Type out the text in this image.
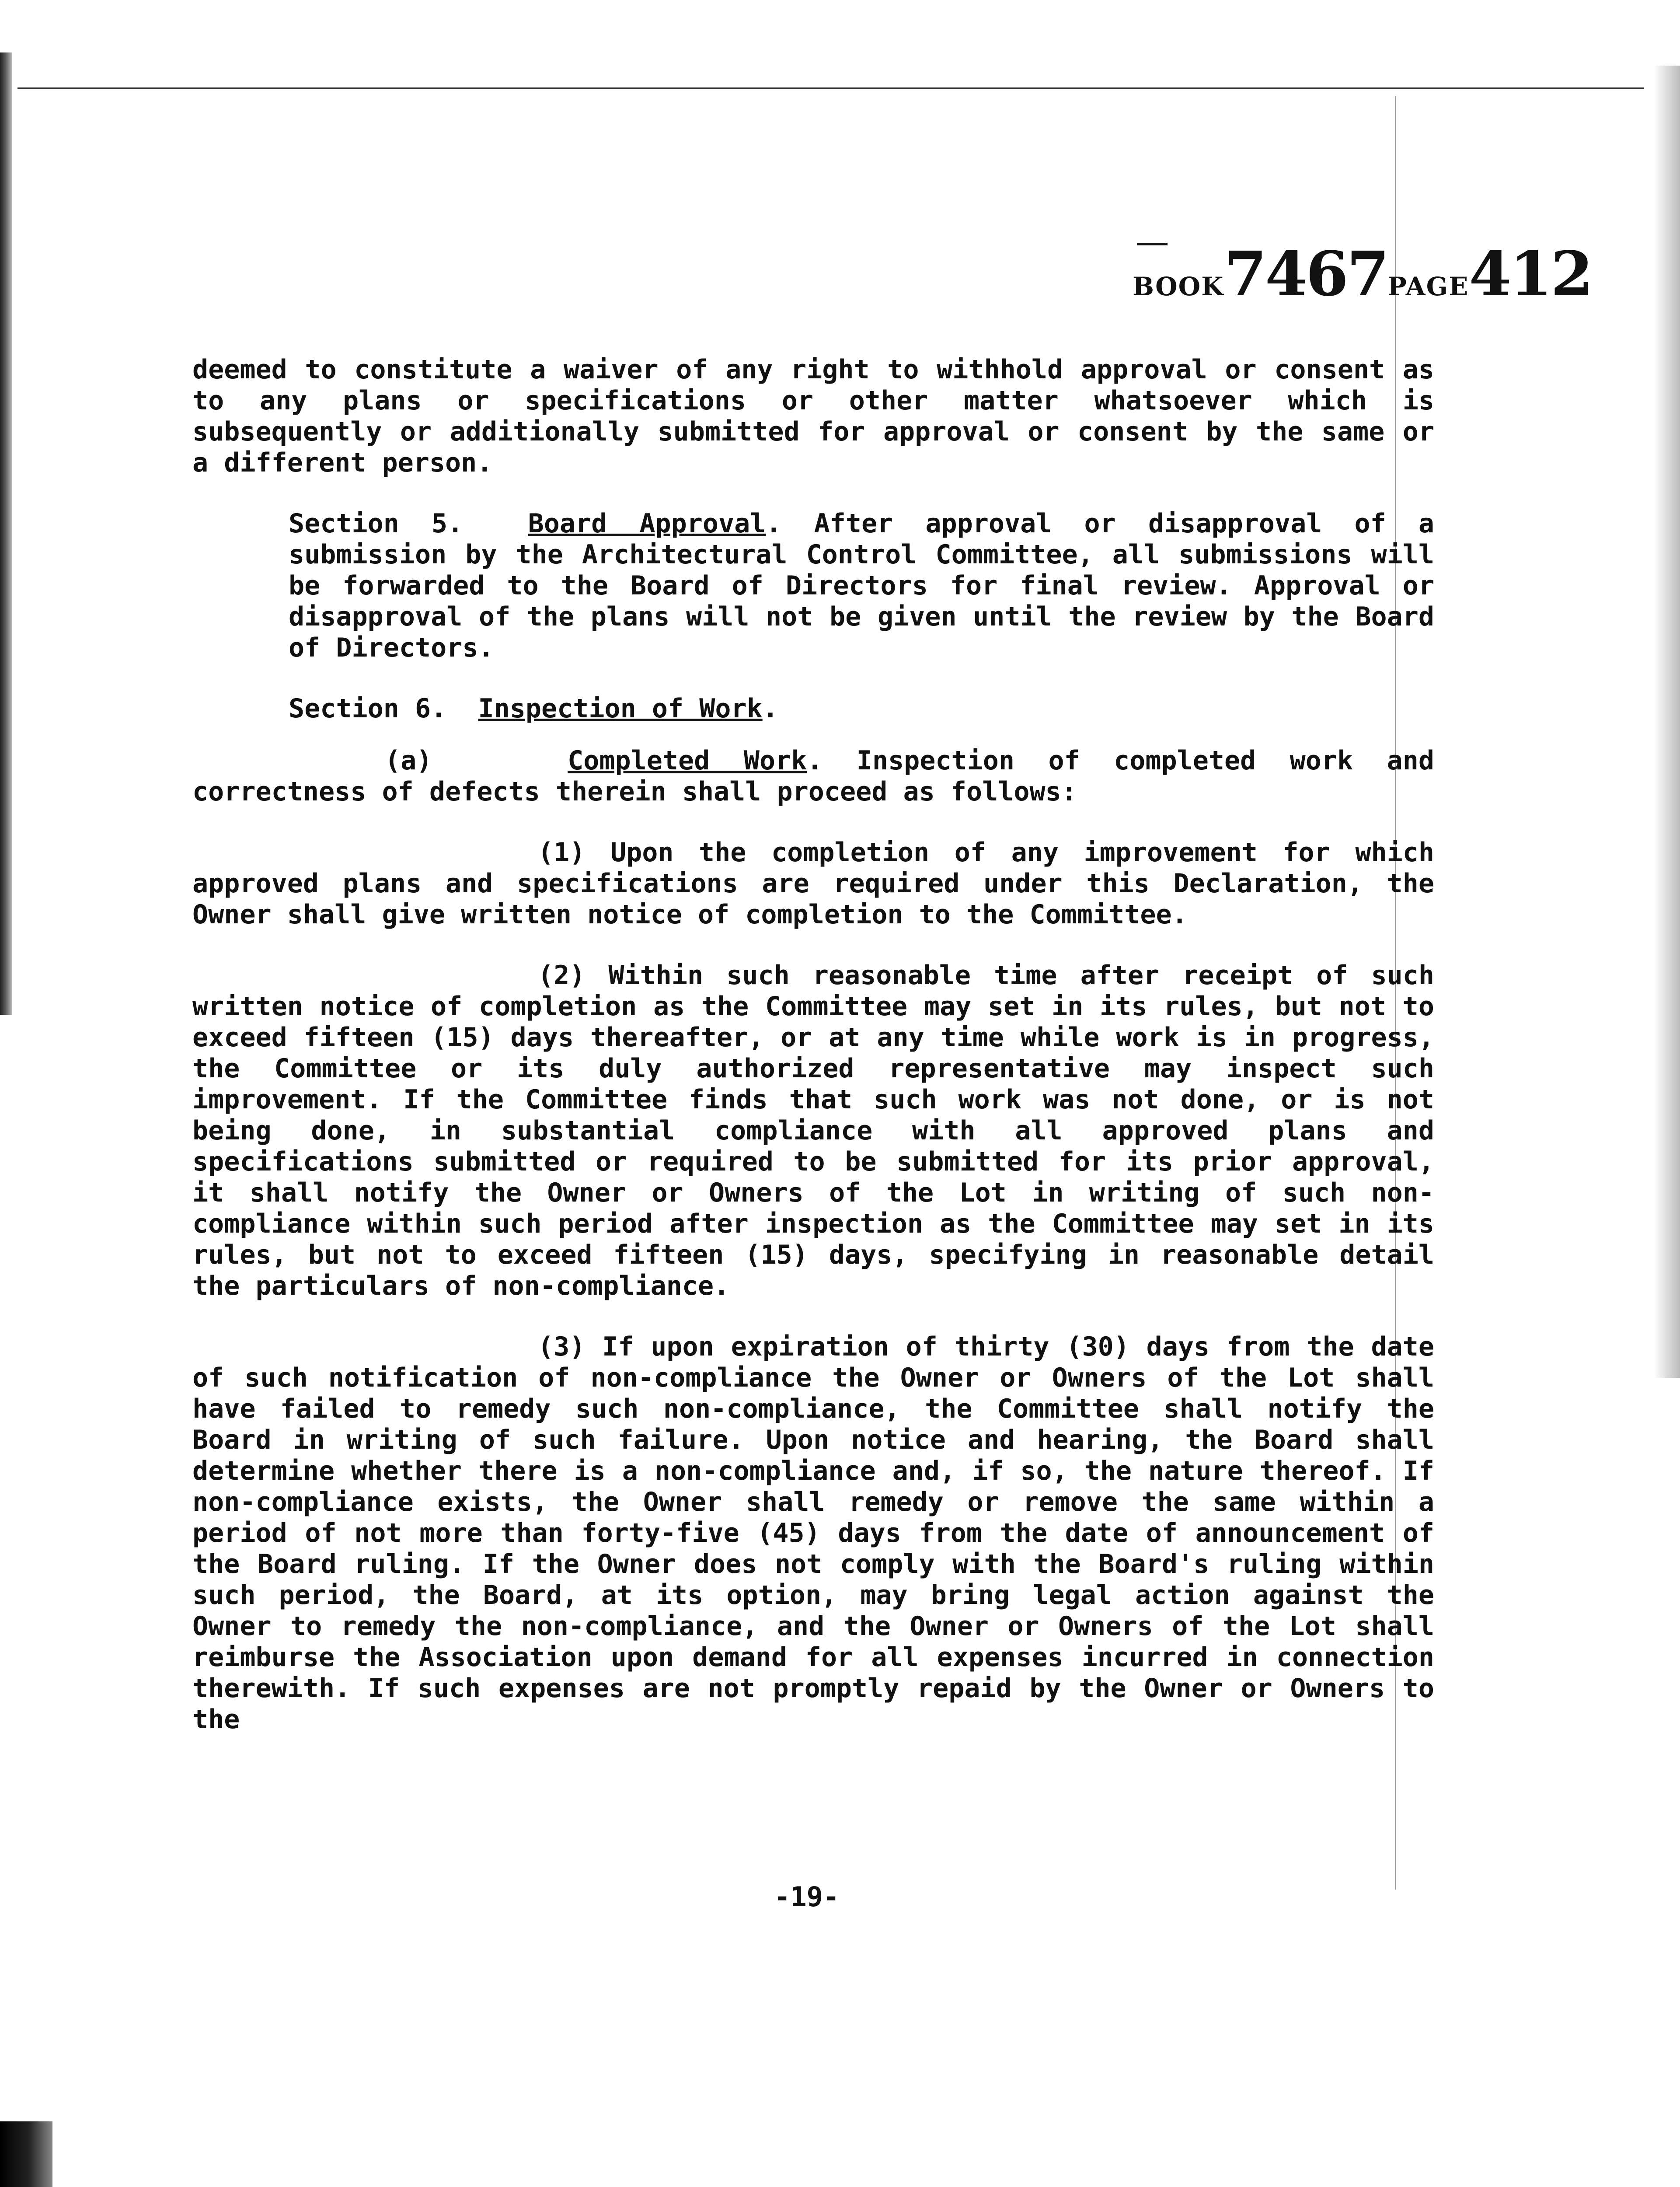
BOOK7467PAGE412

deemed to constitute a waiver of any right to withhold approval or consent as to any plans or specifications or other matter whatsoever which is subsequently or additionally submitted for approval or consent by the same or a different person.

Section 5. Board Approval. After approval or disapproval of a submission by the Architectural Control Committee, all submissions will be forwarded to the Board of Directors for final review. Approval or disapproval of the plans will not be given until the review by the Board of Directors.

Section 6. Inspection of Work.

(a)	Completed Work. Inspection of completed work and correctness of defects therein shall proceed as follows:

(1) Upon the completion of any improvement for which approved plans and specifications are required under this Declaration, the Owner shall give written notice of completion to the Committee.

(2) Within such reasonable time after receipt of such written notice of completion as the Committee may set in its rules, but not to exceed fifteen (15) days thereafter, or at any time while work is in progress, the Committee or its duly authorized representative may inspect such improvement. If the Committee finds that such work was not done, or is not being done, in substantial compliance with all approved plans and specifications submitted or required to be submitted for its prior approval, it shall notify the Owner or Owners of the Lot in writing of such non-compliance within such period after inspection as the Committee may set in its rules, but not to exceed fifteen (15) days, specifying in reasonable detail the particulars of non-compliance.

(3) If upon expiration of thirty (30) days from the date of such notification of non-compliance the Owner or Owners of the Lot shall have failed to remedy such non-compliance, the Committee shall notify the Board in writing of such failure. Upon notice and hearing, the Board shall determine whether there is a non-compliance and, if so, the nature thereof. If non-compliance exists, the Owner shall remedy or remove the same within a period of not more than forty-five (45) days from the date of announcement of the Board ruling. If the Owner does not comply with the Board's ruling within such period, the Board, at its option, may bring legal action against the Owner to remedy the non-compliance, and the Owner or Owners of the Lot shall reimburse the Association upon demand for all expenses incurred in connection therewith. If such expenses are not promptly repaid by the Owner or Owners to the

-19-
